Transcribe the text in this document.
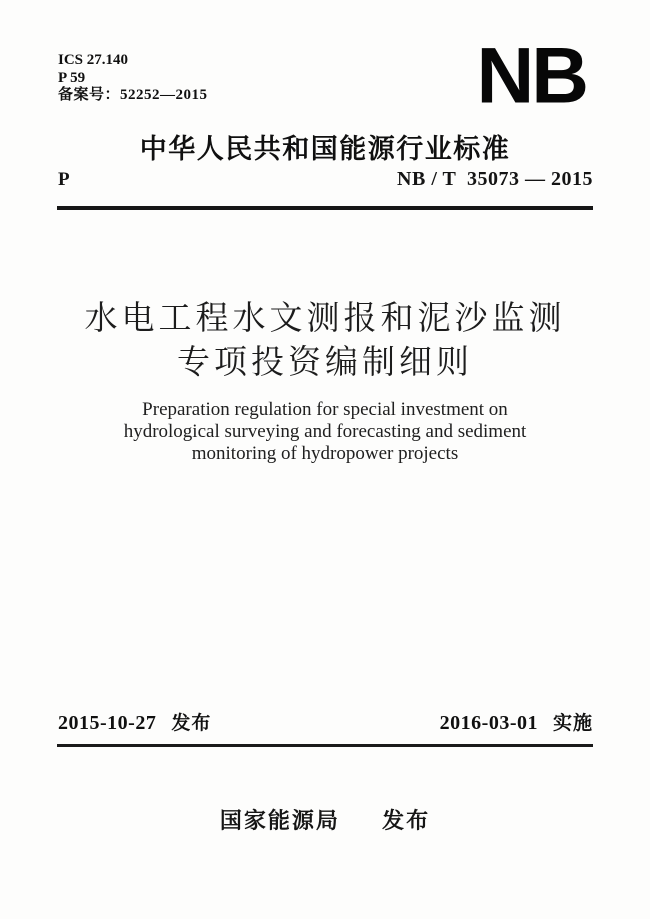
ICS 27.140
P 59
备案号：52252—2015	NB
中华人民共和国能源行业标准
P	NB / T  35073 — 2015
水电工程水文测报和泥沙监测
专项投资编制细则
Preparation regulation for special investment on
hydrological surveying and forecasting and sediment
monitoring of hydropower projects
2015-10-27 发布	2016-03-01 实施
国家能源局 发布
